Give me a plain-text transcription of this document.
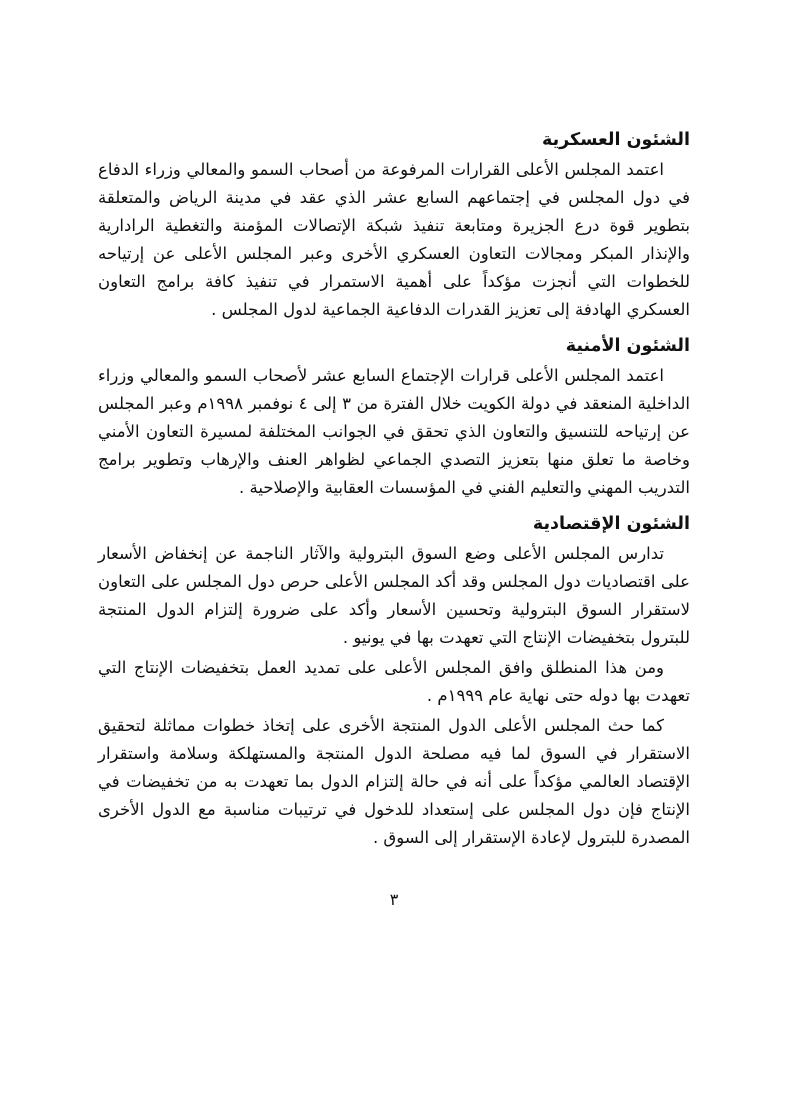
الشئون العسكرية

اعتمد المجلس الأعلى القرارات المرفوعة من أصحاب السمو والمعالي وزراء الدفاع في دول المجلس في إجتماعهم السابع عشر الذي عقد في مدينة الرياض والمتعلقة بتطوير قوة درع الجزيرة ومتابعة تنفيذ شبكة الإتصالات المؤمنة والتغطية الرادارية والإنذار المبكر ومجالات التعاون العسكري الأخرى وعبر المجلس الأعلى عن إرتياحه للخطوات التي أنجزت مؤكداً على أهمية الاستمرار في تنفيذ كافة برامج التعاون العسكري الهادفة إلى تعزيز القدرات الدفاعية الجماعية لدول المجلس .

الشئون الأمنية

اعتمد المجلس الأعلى قرارات الإجتماع السابع عشر لأصحاب السمو والمعالي وزراء الداخلية المنعقد في دولة الكويت خلال الفترة من ٣ إلى ٤ نوفمبر ١٩٩٨م وعبر المجلس عن إرتياحه للتنسيق والتعاون الذي تحقق في الجوانب المختلفة لمسيرة التعاون الأمني وخاصة ما تعلق منها بتعزيز التصدي الجماعي لظواهر العنف والإرهاب وتطوير برامج التدريب المهني والتعليم الفني في المؤسسات العقابية والإصلاحية .

الشئون الإقتصادية

تدارس المجلس الأعلى وضع السوق البترولية والآثار الناجمة عن إنخفاض الأسعار على اقتصاديات دول المجلس وقد أكد المجلس الأعلى حرص دول المجلس على التعاون لاستقرار السوق البترولية وتحسين الأسعار وأكد على ضرورة إلتزام الدول المنتجة للبترول بتخفيضات الإنتاج التي تعهدت بها في يونيو .

ومن هذا المنطلق وافق المجلس الأعلى على تمديد العمل بتخفيضات الإنتاج التي تعهدت بها دوله حتى نهاية عام ١٩٩٩م .

كما حث المجلس الأعلى الدول المنتجة الأخرى على إتخاذ خطوات مماثلة لتحقيق الاستقرار في السوق لما فيه مصلحة الدول المنتجة والمستهلكة وسلامة واستقرار الإقتصاد العالمي مؤكداً على أنه في حالة إلتزام الدول بما تعهدت به من تخفيضات في الإنتاج فإن دول المجلس على إستعداد للدخول في ترتيبات مناسبة مع الدول الأخرى المصدرة للبترول لإعادة الإستقرار إلى السوق .

٣
